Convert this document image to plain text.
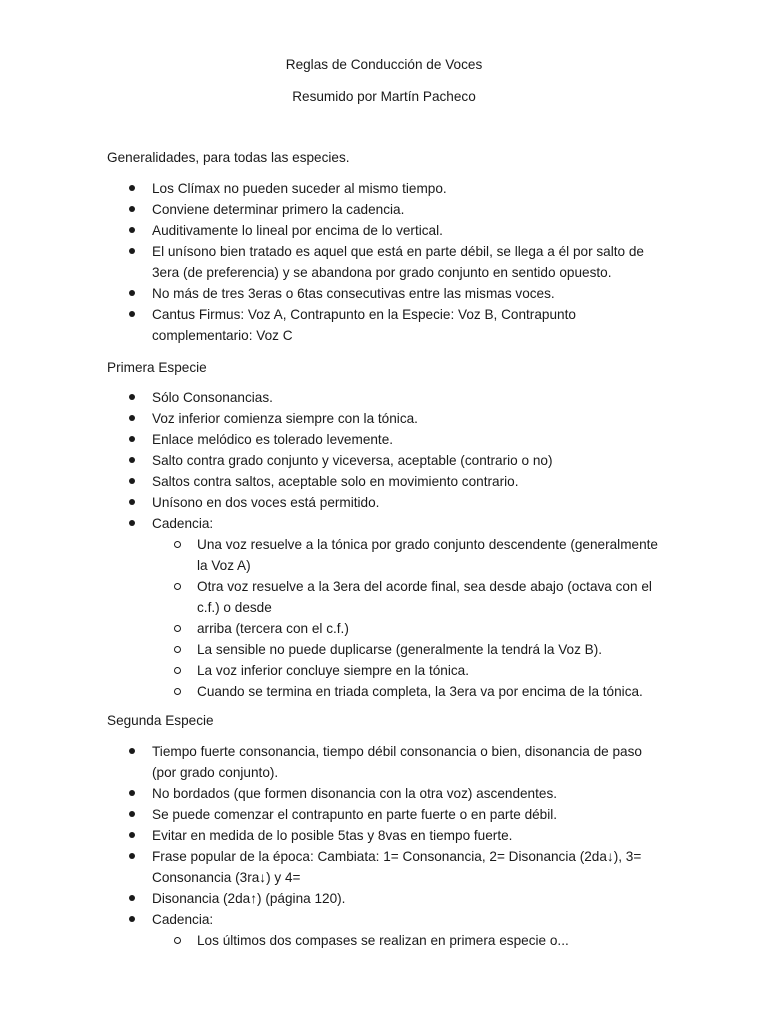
Reglas de Conducción de Voces
Resumido por Martín Pacheco
Generalidades, para todas las especies.
Los Clímax no pueden suceder al mismo tiempo.
Conviene determinar primero la cadencia.
Auditivamente lo lineal por encima de lo vertical.
El unísono bien tratado es aquel que está en parte débil, se llega a él por salto de 3era (de preferencia) y se abandona por grado conjunto en sentido opuesto.
No más de tres 3eras o 6tas consecutivas entre las mismas voces.
Cantus Firmus: Voz A, Contrapunto en la Especie: Voz B, Contrapunto complementario: Voz C
Primera Especie
Sólo Consonancias.
Voz inferior comienza siempre con la tónica.
Enlace melódico es tolerado levemente.
Salto contra grado conjunto y viceversa, aceptable (contrario o no)
Saltos contra saltos, aceptable solo en movimiento contrario.
Unísono en dos voces está permitido.
Cadencia:
Una voz resuelve a la tónica por grado conjunto descendente (generalmente la Voz A)
Otra voz resuelve a la 3era del acorde final, sea desde abajo (octava con el c.f.) o desde
arriba (tercera con el c.f.)
La sensible no puede duplicarse (generalmente la tendrá la Voz B).
La voz inferior concluye siempre en la tónica.
Cuando se termina en triada completa, la 3era va por encima de la tónica.
Segunda Especie
Tiempo fuerte consonancia, tiempo débil consonancia o bien, disonancia de paso (por grado conjunto).
No bordados (que formen disonancia con la otra voz) ascendentes.
Se puede comenzar el contrapunto en parte fuerte o en parte débil.
Evitar en medida de lo posible 5tas y 8vas en tiempo fuerte.
Frase popular de la época: Cambiata: 1= Consonancia, 2= Disonancia (2da↓), 3= Consonancia (3ra↓) y 4=
Disonancia (2da↑) (página 120).
Cadencia:
Los últimos dos compases se realizan en primera especie o...
